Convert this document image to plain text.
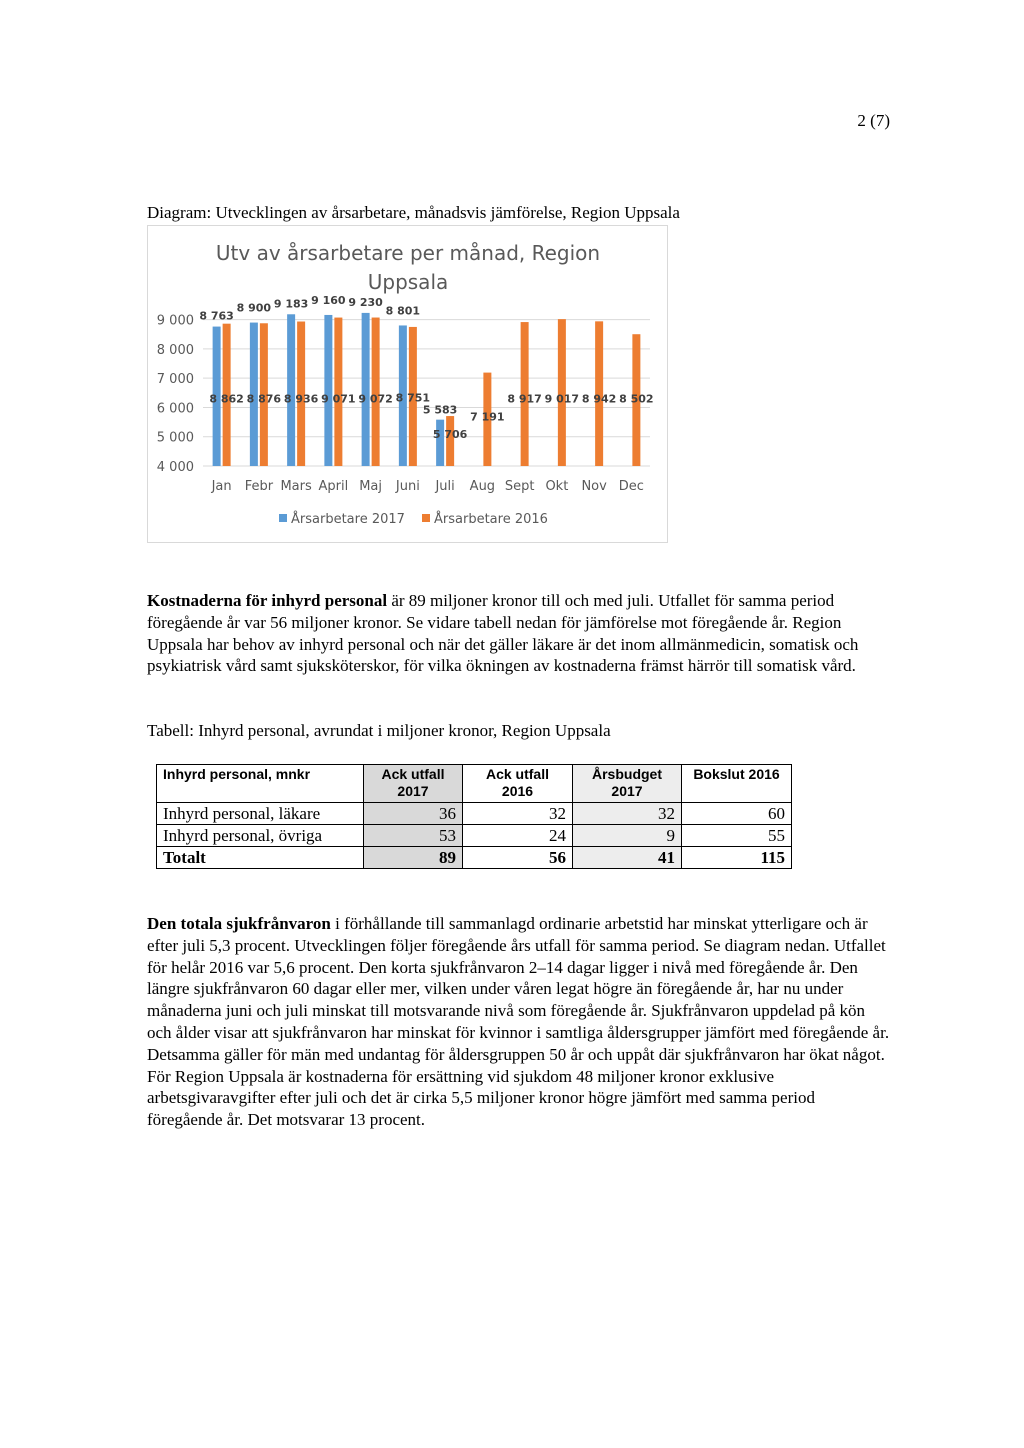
2 (7)
Diagram: Utvecklingen av årsarbetare, månadsvis jämförelse, Region Uppsala
Utv av årsarbetare per månad, Region
Uppsala
4 000
5 000
6 000
7 000
8 000
9 000 8 763
8 862
8 900
8 876
9 183
8 936
9 160
9 071
9 230
9 072
8 801
8 751
5 583
5 706
7 191
8 917 9 017 8 942 8 502
Jan Febr Mars April Maj Juni Juli Aug Sept Okt Nov Dec
Årsarbetare 2017 Årsarbetare 2016

Kostnaderna för inhyrd personal är 89 miljoner kronor till och med juli. Utfallet för samma period föregående år var 56 miljoner kronor. Se vidare tabell nedan för jämförelse mot föregående år. Region Uppsala har behov av inhyrd personal och när det gäller läkare är det inom allmänmedicin, somatisk och psykiatrisk vård samt sjuksköterskor, för vilka ökningen av kostnaderna främst härrör till somatisk vård.

Tabell: Inhyrd personal, avrundat i miljoner kronor, Region Uppsala
Inhyrd personal, mnkr	Ack utfall 2017	Ack utfall 2016	Årsbudget 2017	Bokslut 2016
Inhyrd personal, läkare	36	32	32	60
Inhyrd personal, övriga	53	24	9	55
Totalt	89	56	41	115

Den totala sjukfrånvaron i förhållande till sammanlagd ordinarie arbetstid har minskat ytterligare och är efter juli 5,3 procent. Utvecklingen följer föregående års utfall för samma period. Se diagram nedan. Utfallet för helår 2016 var 5,6 procent. Den korta sjukfrånvaron 2–14 dagar ligger i nivå med föregående år. Den längre sjukfrånvaron 60 dagar eller mer, vilken under våren legat högre än föregående år, har nu under månaderna juni och juli minskat till motsvarande nivå som föregående år. Sjukfrånvaron uppdelad på kön och ålder visar att sjukfrånvaron har minskat för kvinnor i samtliga åldersgrupper jämfört med föregående år. Detsamma gäller för män med undantag för åldersgruppen 50 år och uppåt där sjukfrånvaron har ökat något. För Region Uppsala är kostnaderna för ersättning vid sjukdom 48 miljoner kronor exklusive arbetsgivaravgifter efter juli och det är cirka 5,5 miljoner kronor högre jämfört med samma period föregående år. Det motsvarar 13 procent.
